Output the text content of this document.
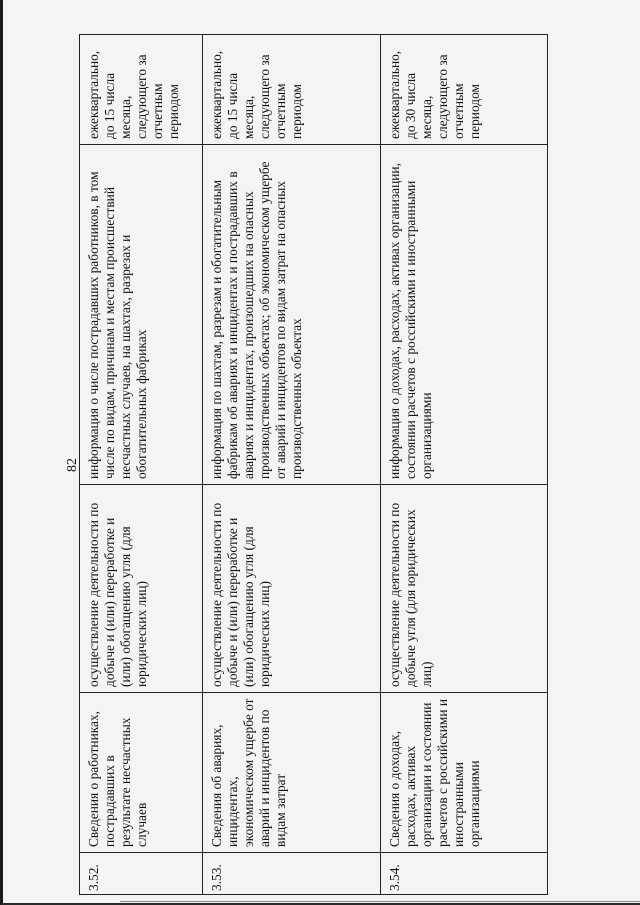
82
3.52.	Сведения о работниках, пострадавших в результате несчастных случаев	осуществление деятельности по добыче и (или) переработке и (или) обогащению угля (для юридических лиц)	информация о числе пострадавших работников, в том числе по видам, причинам и местам происшествий несчастных случаев, на шахтах, разрезах и обогатительных фабриках	ежеквартально, до 15 числа месяца, следующего за отчетным периодом
3.53.	Сведения об авариях, инцидентах, экономическом ущербе от аварий и инцидентов по видам затрат	осуществление деятельности по добыче и (или) переработке и (или) обогащению угля (для юридических лиц)	информация по шахтам, разрезам и обогатительным фабрикам об авариях и инцидентах и пострадавших в авариях и инцидентах, произошедших на опасных производственных объектах; об экономическом ущербе от аварий и инцидентов по видам затрат на опасных производственных объектах	ежеквартально, до 15 числа месяца, следующего за отчетным периодом
3.54.	Сведения о доходах, расходах, активах организации и состоянии расчетов с российскими и иностранными организациями	осуществление деятельности по добыче угля (для юридических лиц)	информация о доходах, расходах, активах организации, состоянии расчетов с российскими и иностранными организациями	ежеквартально, до 30 числа месяца, следующего за отчетным периодом
